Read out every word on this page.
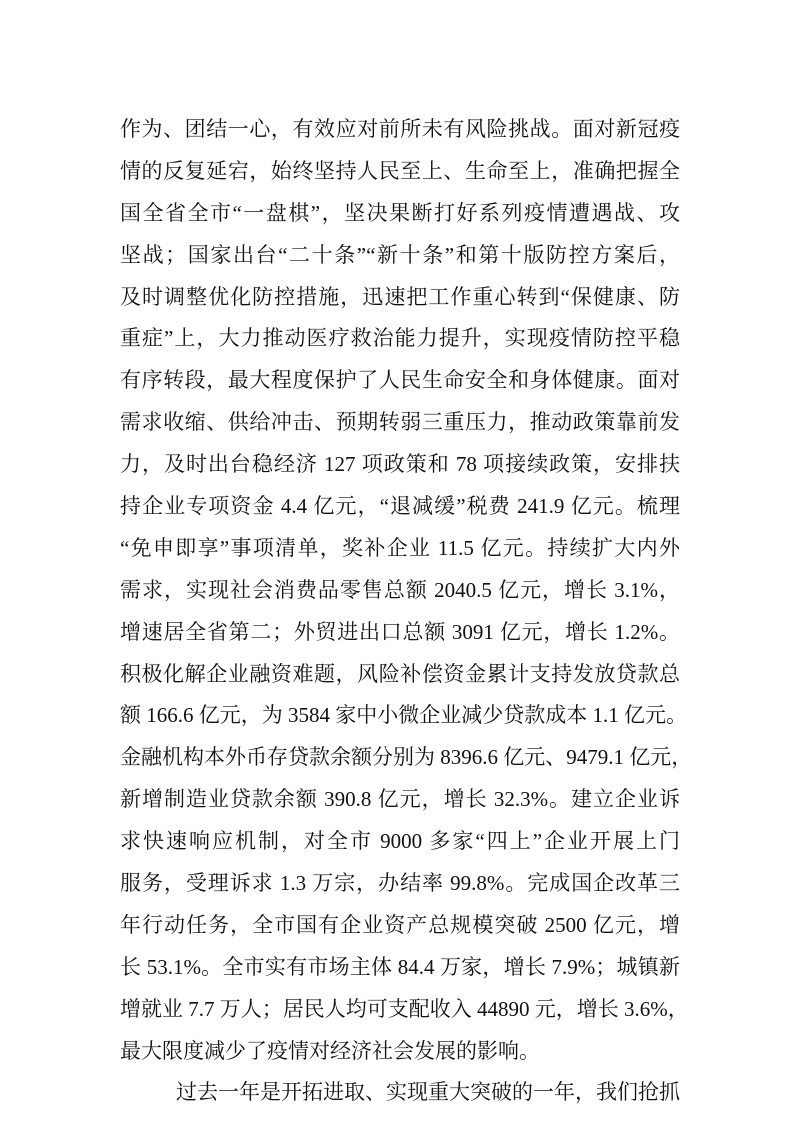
作为、团结一心，有效应对前所未有风险挑战。面对新冠疫
情的反复延宕，始终坚持人民至上、生命至上，准确把握全
国全省全市“一盘棋”，坚决果断打好系列疫情遭遇战、攻
坚战；国家出台“二十条”“新十条”和第十版防控方案后，
及时调整优化防控措施，迅速把工作重心转到“保健康、防
重症”上，大力推动医疗救治能力提升，实现疫情防控平稳
有序转段，最大程度保护了人民生命安全和身体健康。面对
需求收缩、供给冲击、预期转弱三重压力，推动政策靠前发
力，及时出台稳经济 127 项政策和 78 项接续政策，安排扶
持企业专项资金 4.4 亿元，“退减缓”税费 241.9 亿元。梳理
“免申即享”事项清单，奖补企业 11.5 亿元。持续扩大内外
需求，实现社会消费品零售总额 2040.5 亿元，增长 3.1%，
增速居全省第二；外贸进出口总额 3091 亿元，增长 1.2%。
积极化解企业融资难题，风险补偿资金累计支持发放贷款总
额 166.6 亿元，为 3584 家中小微企业减少贷款成本 1.1 亿元。
金融机构本外币存贷款余额分别为 8396.6 亿元、9479.1 亿元，
新增制造业贷款余额 390.8 亿元，增长 32.3%。建立企业诉
求快速响应机制，对全市 9000 多家“四上”企业开展上门
服务，受理诉求 1.3 万宗，办结率 99.8%。完成国企改革三
年行动任务，全市国有企业资产总规模突破 2500 亿元，增
长 53.1%。全市实有市场主体 84.4 万家，增长 7.9%；城镇新
增就业 7.7 万人；居民人均可支配收入 44890 元，增长 3.6%，
最大限度减少了疫情对经济社会发展的影响。
过去一年是开拓进取、实现重大突破的一年，我们抢抓
